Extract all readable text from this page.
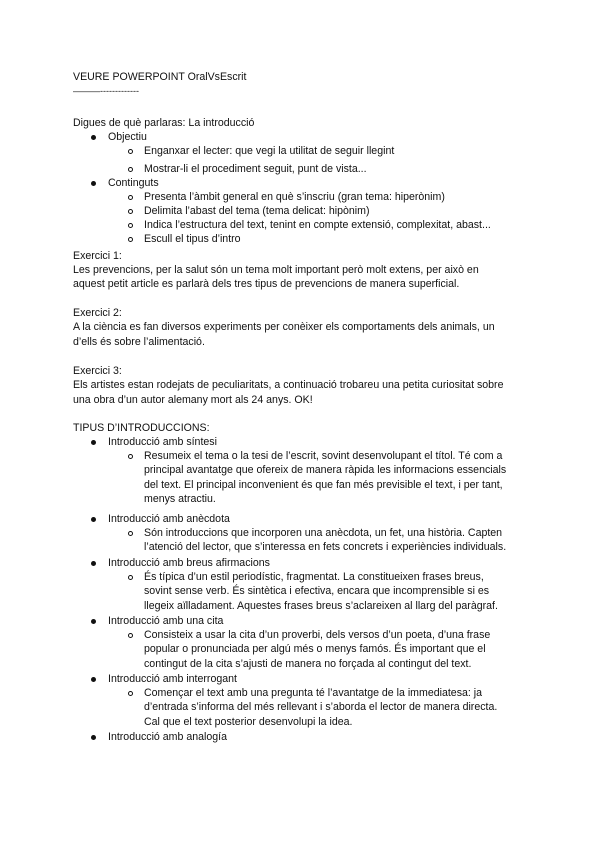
VEURE POWERPOINT OralVsEscrit
———-------------
Digues de què parlaras: La introducció
Objectiu
Enganxar el lecter: que vegi la utilitat de seguir llegint
Mostrar-li el procediment seguit, punt de vista...
Continguts
Presenta l’àmbit general en què s’inscriu (gran tema: hiperònim)
Delimita l’abast del tema (tema delicat: hipònim)
Indica l’estructura del text, tenint en compte extensió, complexitat, abast...
Escull el tipus d’intro
Exercici 1:
Les prevencions, per la salut són un tema molt important però molt extens, per això en
aquest petit article es parlarà dels tres tipus de prevencions de manera superficial.
Exercici 2:
A la ciència es fan diversos experiments per conèixer els comportaments dels animals, un
d’ells és sobre l’alimentació.
Exercici 3:
Els artistes estan rodejats de peculiaritats, a continuació trobareu una petita curiositat sobre
una obra d’un autor alemany mort als 24 anys. OK!
TIPUS D’INTRODUCCIONS:
Introducció amb síntesi
Resumeix el tema o la tesi de l’escrit, sovint desenvolupant el títol. Té com a
principal avantatge que ofereix de manera ràpida les informacions essencials
del text. El principal inconvenient és que fan més previsible el text, i per tant,
menys atractiu.
Introducció amb anècdota
Són introduccions que incorporen una anècdota, un fet, una història. Capten
l’atenció del lector, que s’interessa en fets concrets i experiències individuals.
Introducció amb breus afirmacions
És típica d’un estil periodístic, fragmentat. La constitueixen frases breus,
sovint sense verb. És sintètica i efectiva, encara que incomprensible si es
llegeix aïlladament. Aquestes frases breus s’aclareixen al llarg del paràgraf.
Introducció amb una cita
Consisteix a usar la cita d’un proverbi, dels versos d’un poeta, d’una frase
popular o pronunciada per algú més o menys famós. És important que el
contingut de la cita s’ajusti de manera no forçada al contingut del text.
Introducció amb interrogant
Començar el text amb una pregunta té l’avantatge de la immediatesa: ja
d’entrada s’informa del més rellevant i s’aborda el lector de manera directa.
Cal que el text posterior desenvolupi la idea.
Introducció amb analogía
